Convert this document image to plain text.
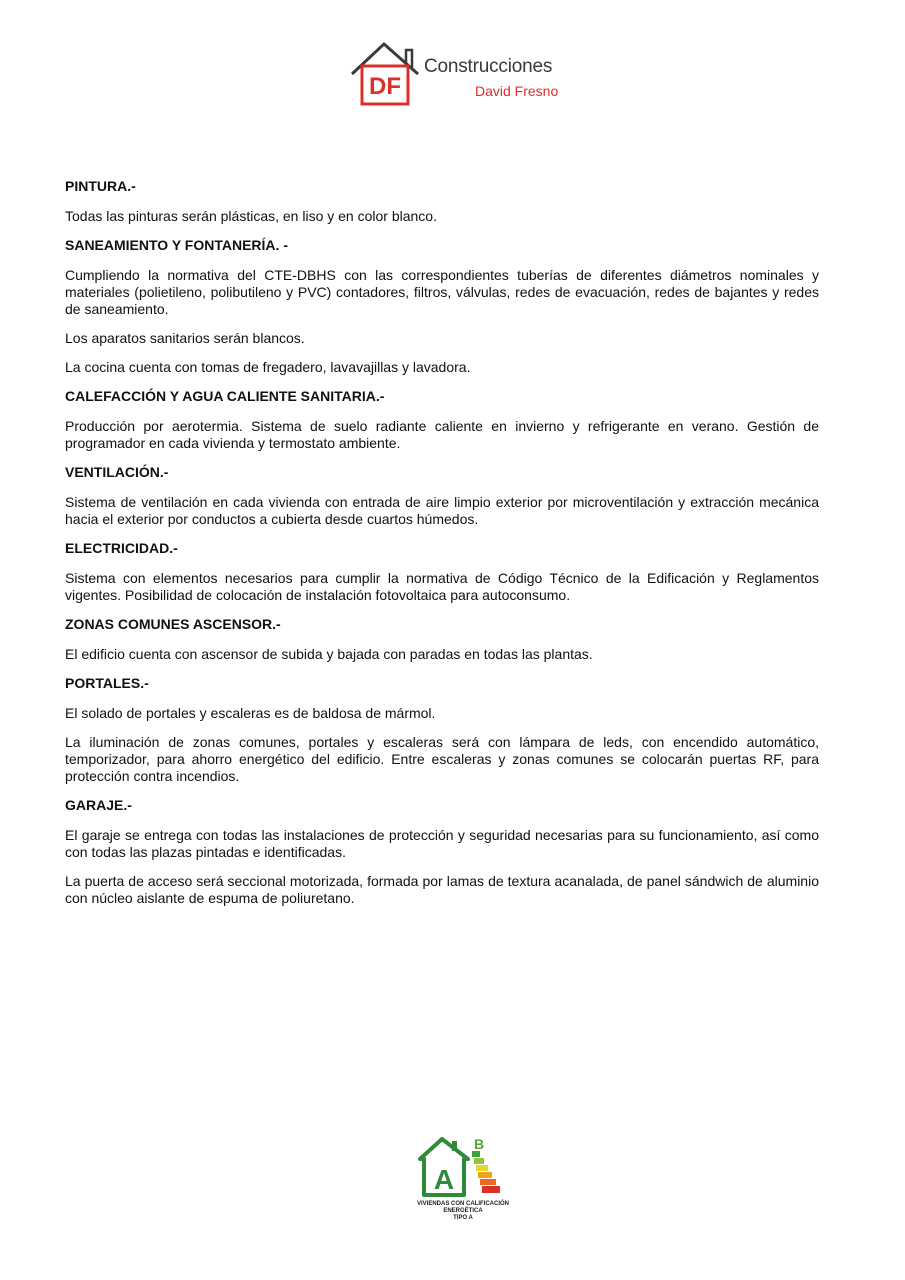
DF
Construcciones
David Fresno

PINTURA.-

Todas las pinturas serán plásticas, en liso y en color blanco.

SANEAMIENTO Y FONTANERÍA. -

Cumpliendo la normativa del CTE-DBHS con las correspondientes tuberías de diferentes diámetros nominales y materiales (polietileno, polibutileno y PVC) contadores, filtros, válvulas, redes de evacuación, redes de bajantes y redes de saneamiento.

Los aparatos sanitarios serán blancos.

La cocina cuenta con tomas de fregadero, lavavajillas y lavadora.

CALEFACCIÓN Y AGUA CALIENTE SANITARIA.-

Producción por aerotermia. Sistema de suelo radiante caliente en invierno y refrigerante en verano. Gestión de programador en cada vivienda y termostato ambiente.

VENTILACIÓN.-

Sistema de ventilación en cada vivienda con entrada de aire limpio exterior por microventilación y extracción mecánica hacia el exterior por conductos a cubierta desde cuartos húmedos.

ELECTRICIDAD.-

Sistema con elementos necesarios para cumplir la normativa de Código Técnico de la Edificación y Reglamentos vigentes. Posibilidad de colocación de instalación fotovoltaica para autoconsumo.

ZONAS COMUNES ASCENSOR.-

El edificio cuenta con ascensor de subida y bajada con paradas en todas las plantas.

PORTALES.-

El solado de portales y escaleras es de baldosa de mármol.

La iluminación de zonas comunes, portales y escaleras será con lámpara de leds, con encendido automático, temporizador, para ahorro energético del edificio. Entre escaleras y zonas comunes se colocarán puertas RF, para protección contra incendios.

GARAJE.-

El garaje se entrega con todas las instalaciones de protección y seguridad necesarias para su funcionamiento, así como con todas las plazas pintadas e identificadas.

La puerta de acceso será seccional motorizada, formada por lamas de textura acanalada, de panel sándwich de aluminio con núcleo aislante de espuma de poliuretano.

B
A
VIVIENDAS CON CALIFICACIÓN
ENERGÉTICA
TIPO A
